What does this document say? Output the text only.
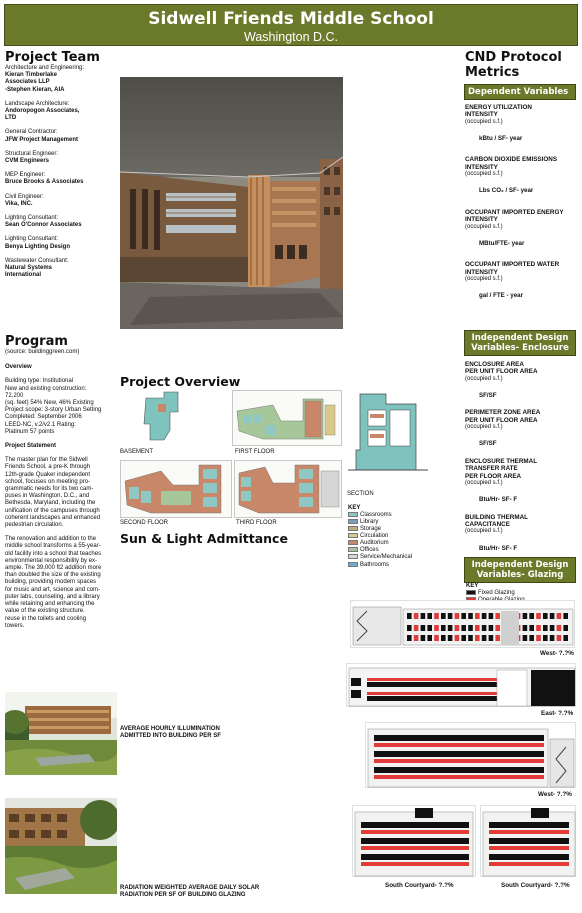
Sidwell Friends Middle School
Washington D.C.
Project Team
Architecture and Engineering:
Kieran Timberlake
Associates LLP
-Stephen Kieran, AIA
Landscape Architecture:
Andoropogon Associates,
LTD
General Contractor:
JFW Project Management
Structural Engineer:
CVM Engineers
MEP Engineer:
Bruce Brooks & Associates
Civil Engineer:
Vika, INC.
Lighting Consultant:
Sean O'Connor Associates
Lighting Consultant:
Benya Lighting Design
Wastewater Consultant:
Natural Systems
International
Program
(source: buildinggreen.com)
Overview
Building type: Institutional
New and existing construction:
72,200
(sq. feet) 54% New, 46% Existing
Project scope: 3-story Urban Setting
Completed: September 2006
LEED-NC, v.2/v2.1 Rating:
Platinum 57 points
Project Statement
The master plan for the Sidwell
Friends School, a pre-K through
12th-grade Quaker independent
school, focuses on meeting pro-
grammatic needs for its two cam-
puses in Washington, D.C., and
Bethesda, Maryland, including the
unification of the campuses through
coherent landscapes and enhanced
pedestrian circulation.
The renovation and addition to the
middle school transforms a 55-year-
old facility into a school that teaches
environmental responsibility by ex-
ample. The 39,000 ft2 addition more
than doubled the size of the existing
building, providing modern spaces
for music and art, science and com-
puter labs, counseling, and a library
while retaining and enhancing the
value of the existing structure.
reuse in the toilets and cooling
towers.
Project Overview
BASEMENT	FIRST FLOOR
SECOND FLOOR	THIRD FLOOR
SECTION
KEY
Classrooms
Library
Storage
Circulation
Auditorium
Offices
Service/Mechanical
Bathrooms
Sun & Light Admittance
AVERAGE HOURLY ILLUMINATION
ADMITTED INTO BUILDING PER SF
RADIATION WEIGHTED AVERAGE DAILY SOLAR
RADIATION PER SF OF BUILDING GLAZING
CND Protocol
Metrics
Dependent Variables
ENERGY UTILIZATION
INTENSITY
(occupied s.f.)
kBtu / SF- year
CARBON DIOXIDE EMISSIONS
INTENSITY
(occupied s.f.)
Lbs CO₂ / SF- year
OCCUPANT IMPORTED ENERGY
INTENSITY
(occupied s.f.)
MBtu/FTE- year
OCCUPANT IMPORTED WATER
INTENSITY
(occupied s.f.)
gal / FTE - year
Independent Design
Variables- Enclosure
ENCLOSURE AREA
PER UNIT FLOOR AREA
(occupied s.f.)
SF/SF
PERIMETER ZONE AREA
PER UNIT FLOOR AREA
(occupied s.f.)
SF/SF
ENCLOSURE THERMAL
TRANSFER RATE
PER FLOOR AREA
(occupied s.f.)
Btu/Hr- SF- F
BUILDING THERMAL
CAPACITANCE
(occupied s.f.)
Btu/Hr- SF- F
Independent Design
Variables- Glazing
KEY
Fixed Glazing
West- ?.?%
East- ?.?%
West- ?.?%
South Courtyard- ?.?%	South Courtyard- ?.?%
